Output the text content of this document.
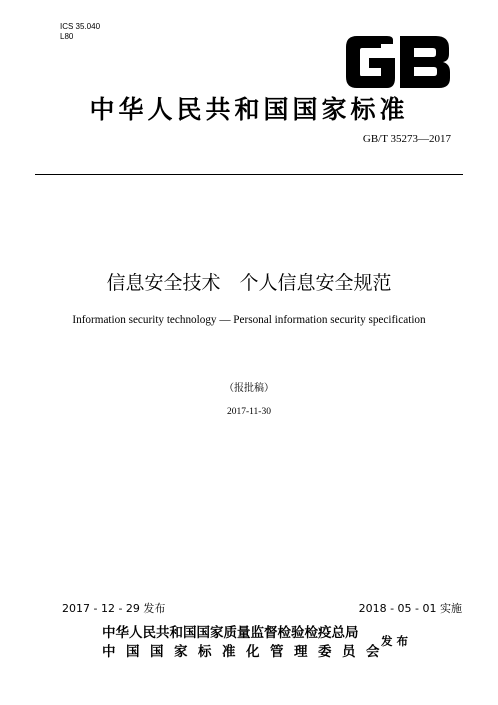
ICS 35.040
L80
中华人民共和国国家标准
GB/T 35273—2017
信息安全技术　个人信息安全规范
Information security technology — Personal information security specification
（报批稿）
2017-11-30
2017 - 12 - 29 发布	2018 - 05 - 01 实施
中华人民共和国国家质量监督检验检疫总局
中国国家标准化管理委员会
发布
